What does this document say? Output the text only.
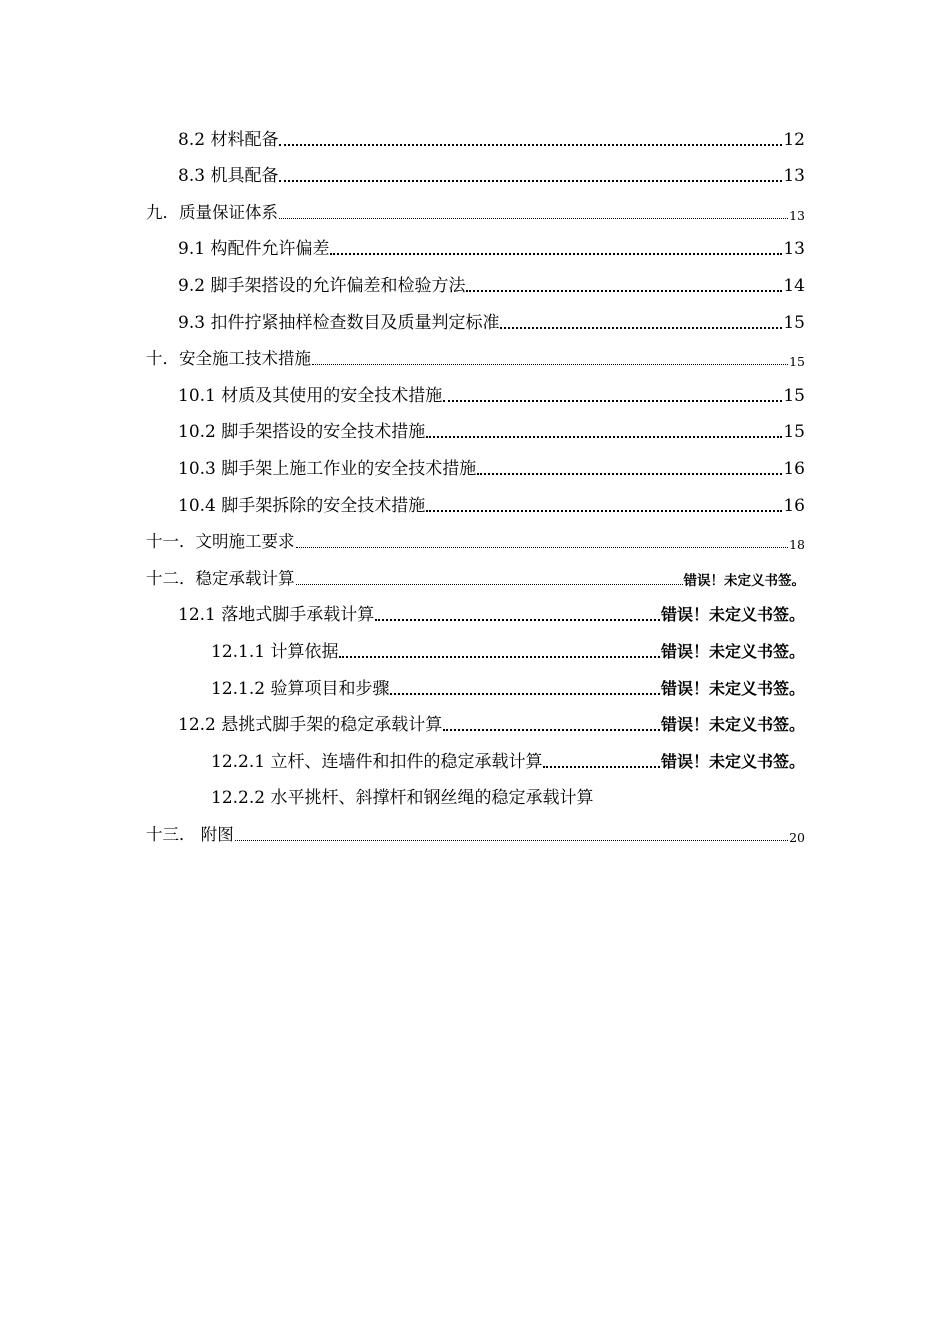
8.2 材料配备	12
8.3 机具配备	13
九．质量保证体系	13
9.1 构配件允许偏差	13
9.2 脚手架搭设的允许偏差和检验方法	14
9.3 扣件拧紧抽样检查数目及质量判定标准	15
十．安全施工技术措施	15
10.1 材质及其使用的安全技术措施	15
10.2 脚手架搭设的安全技术措施	15
10.3 脚手架上施工作业的安全技术措施	16
10.4 脚手架拆除的安全技术措施	16
十一．文明施工要求	18
十二．稳定承载计算	错误！未定义书签。
12.1 落地式脚手承载计算	错误！未定义书签。
12.1.1 计算依据	错误！未定义书签。
12.1.2 验算项目和步骤	错误！未定义书签。
12.2 悬挑式脚手架的稳定承载计算	错误！未定义书签。
12.2.1 立杆、连墙件和扣件的稳定承载计算	错误！未定义书签。
12.2.2 水平挑杆、斜撑杆和钢丝绳的稳定承载计算
十三． 附图	20
